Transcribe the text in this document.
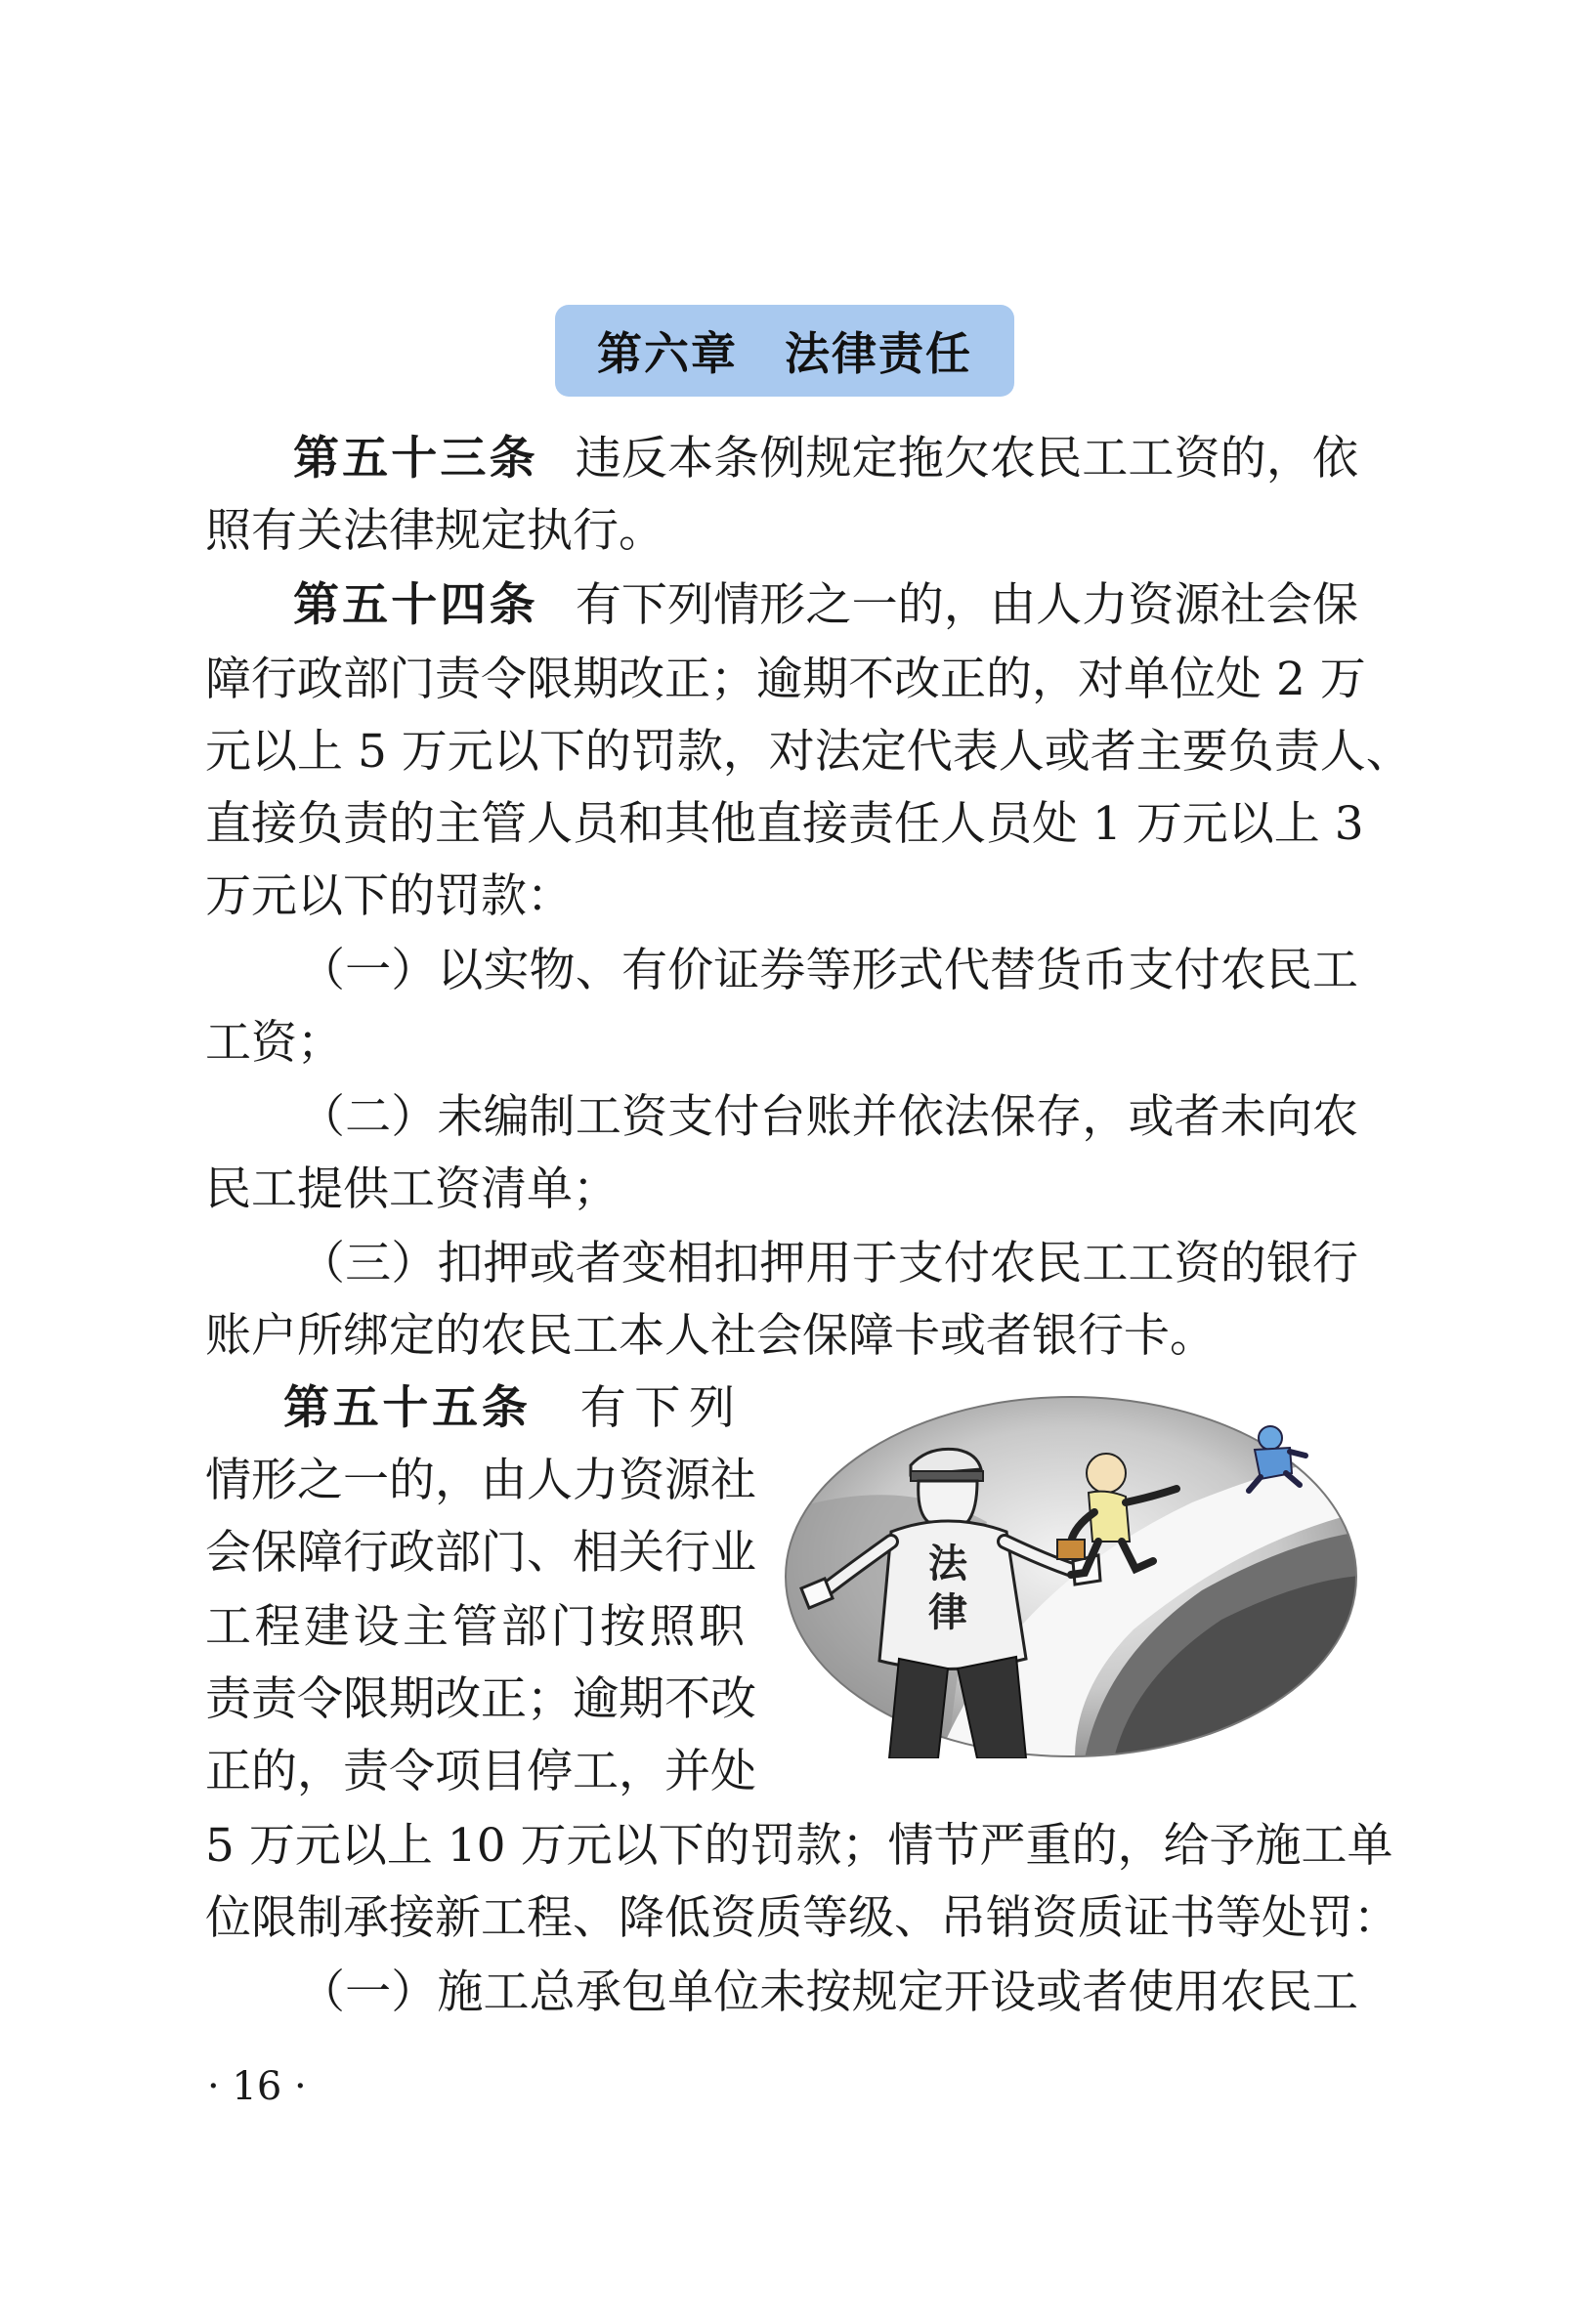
第六章　法律责任
第五十三条 违反本条例规定拖欠农民工工资的，依
照有关法律规定执行。
第五十四条 有下列情形之一的，由人力资源社会保
障行政部门责令限期改正；逾期不改正的，对单位处 2 万
元以上 5 万元以下的罚款，对法定代表人或者主要负责人、
直接负责的主管人员和其他直接责任人员处 1 万元以上 3
万元以下的罚款：
（一）以实物、有价证券等形式代替货币支付农民工
工资；
（二）未编制工资支付台账并依法保存，或者未向农
民工提供工资清单；
（三）扣押或者变相扣押用于支付农民工工资的银行
账户所绑定的农民工本人社会保障卡或者银行卡。
第五十五条 有下列
情形之一的，由人力资源社
会保障行政部门、相关行业
工程建设主管部门按照职
责责令限期改正；逾期不改
正的，责令项目停工，并处
5 万元以上 10 万元以下的罚款；情节严重的，给予施工单
位限制承接新工程、降低资质等级、吊销资质证书等处罚：
（一）施工总承包单位未按规定开设或者使用农民工
法
律
· 16 ·
